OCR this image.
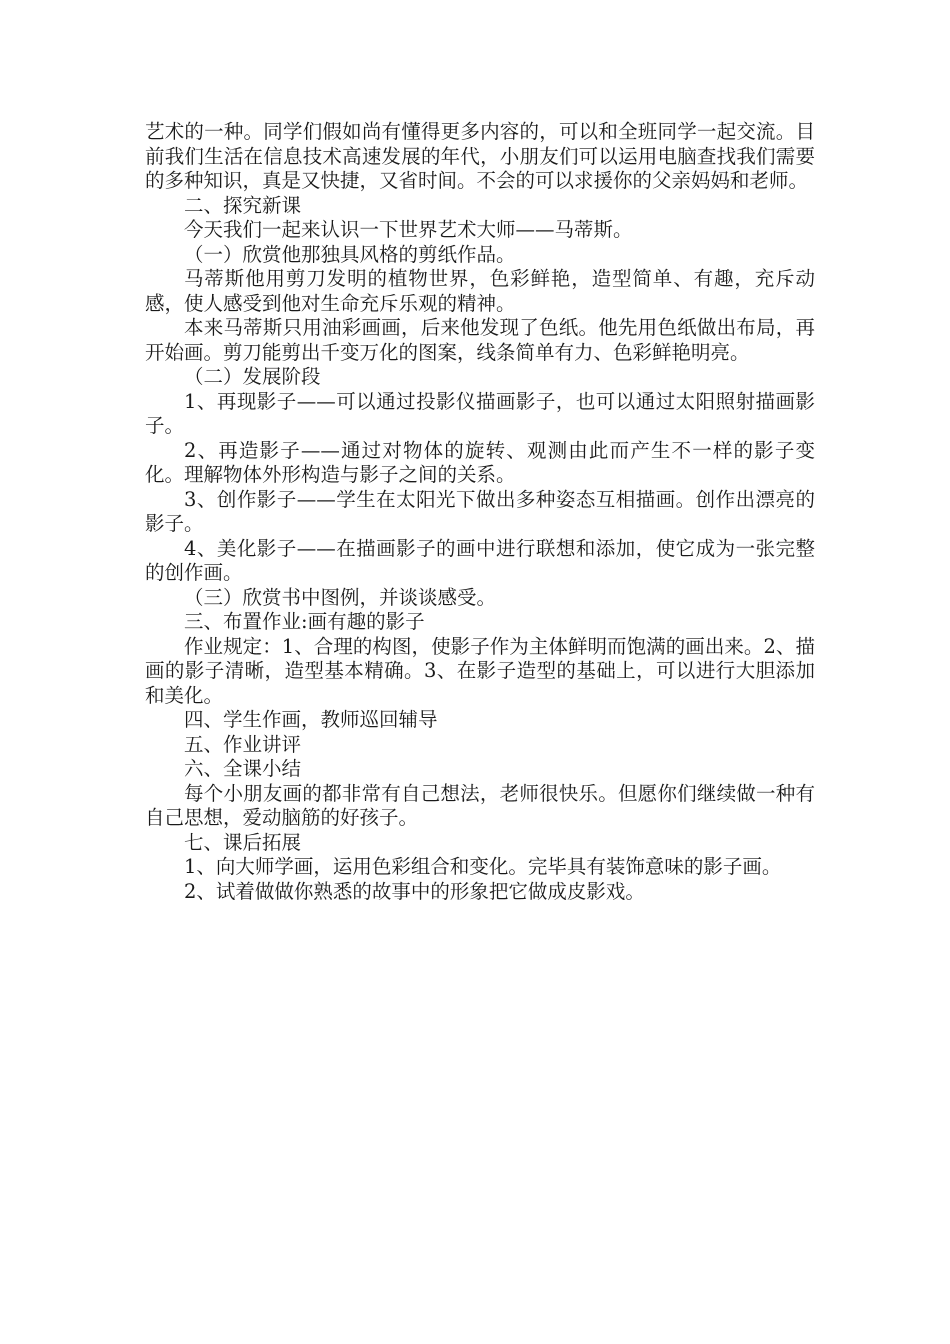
艺术的一种。同学们假如尚有懂得更多内容的，可以和全班同学一起交流。目前我们生活在信息技术高速发展的年代，小朋友们可以运用电脑查找我们需要的多种知识，真是又快捷，又省时间。不会的可以求援你的父亲妈妈和老师。

二、探究新课

今天我们一起来认识一下世界艺术大师——马蒂斯。

（一）欣赏他那独具风格的剪纸作品。

马蒂斯他用剪刀发明的植物世界，色彩鲜艳，造型简单、有趣，充斥动感，使人感受到他对生命充斥乐观的精神。

本来马蒂斯只用油彩画画，后来他发现了色纸。他先用色纸做出布局，再开始画。剪刀能剪出千变万化的图案，线条简单有力、色彩鲜艳明亮。

（二）发展阶段

1、再现影子——可以通过投影仪描画影子，也可以通过太阳照射描画影子。

2、再造影子——通过对物体的旋转、观测由此而产生不一样的影子变化。理解物体外形构造与影子之间的关系。

3、创作影子——学生在太阳光下做出多种姿态互相描画。创作出漂亮的影子。

4、美化影子——在描画影子的画中进行联想和添加，使它成为一张完整的创作画。

（三）欣赏书中图例，并谈谈感受。

三、布置作业:画有趣的影子

作业规定：1、合理的构图，使影子作为主体鲜明而饱满的画出来。2、描画的影子清晰，造型基本精确。3、在影子造型的基础上，可以进行大胆添加和美化。

四、学生作画，教师巡回辅导

五、作业讲评

六、全课小结

每个小朋友画的都非常有自己想法，老师很快乐。但愿你们继续做一种有自己思想，爱动脑筋的好孩子。

七、课后拓展

1、向大师学画，运用色彩组合和变化。完毕具有装饰意味的影子画。

2、试着做做你熟悉的故事中的形象把它做成皮影戏。
